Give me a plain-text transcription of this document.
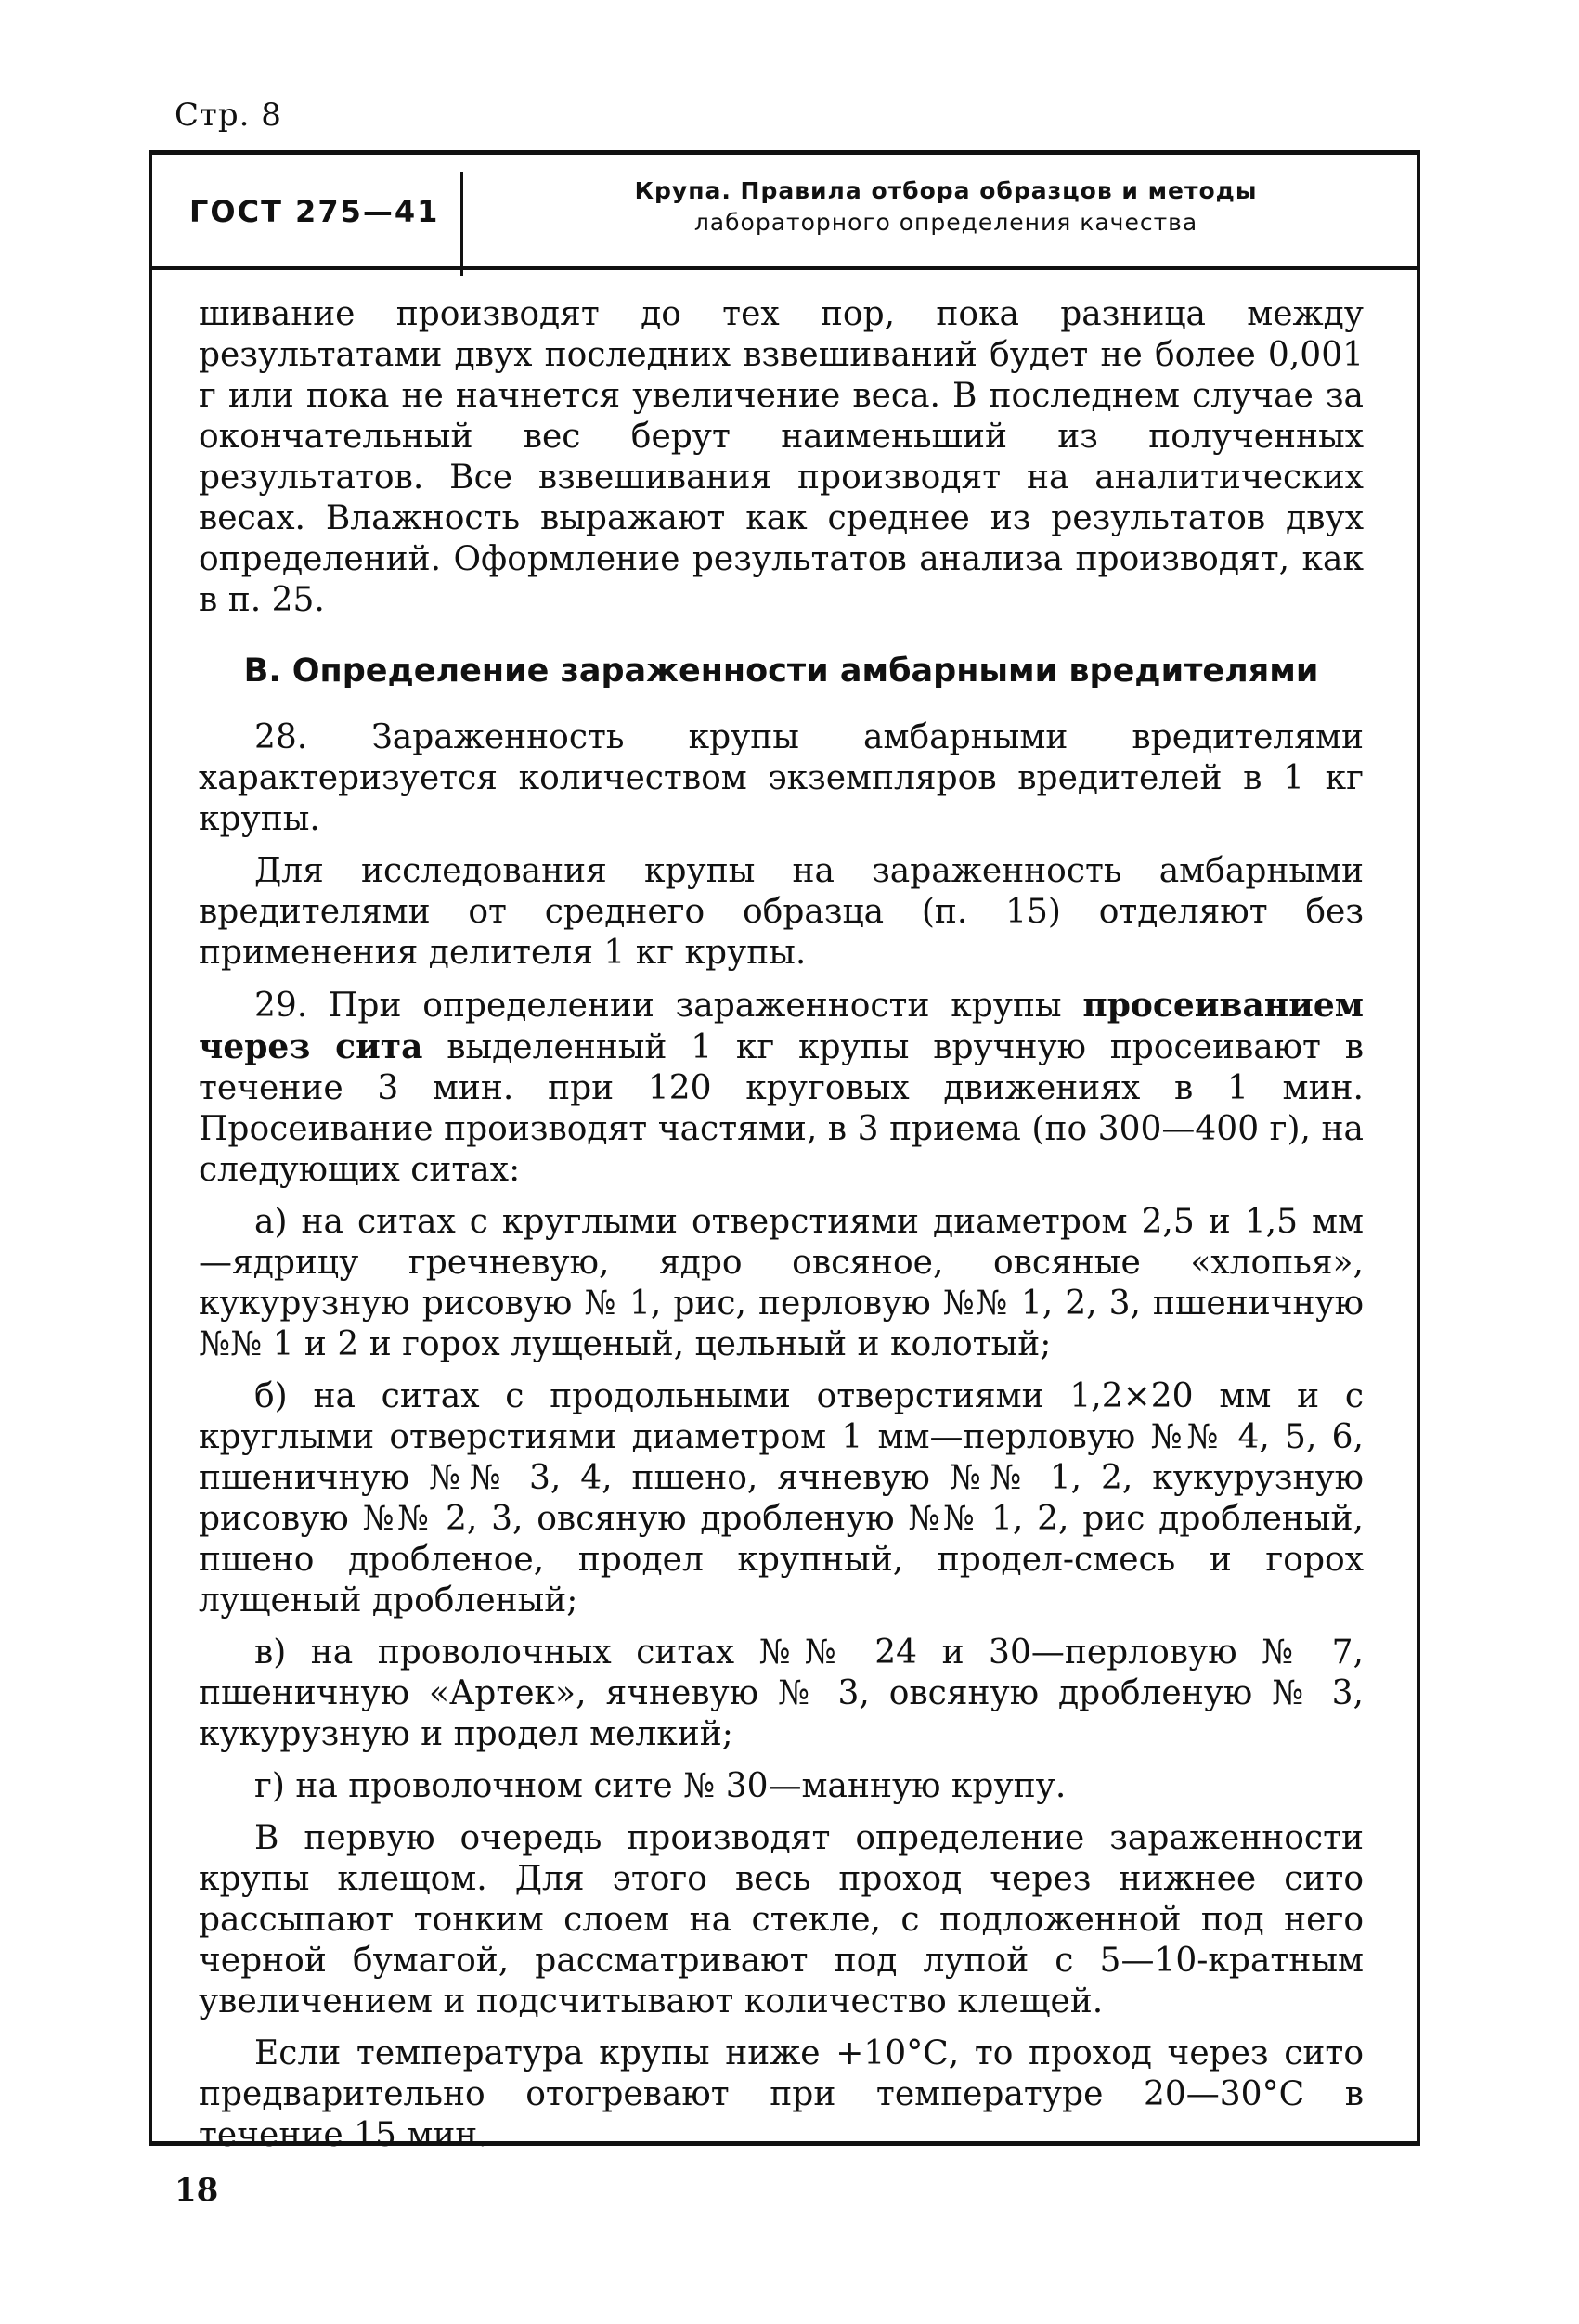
Стр. 8
ГОСТ 275—41
Крупа. Правила отбора образцов и методы
лабораторного определения качества

шивание производят до тех пор, пока разница между результатами двух последних взвешиваний будет не более 0,001 г или пока не начнется увеличение веса. В последнем случае за окончательный вес берут наименьший из полученных результатов. Все взвешивания производят на аналитических весах. Влажность выражают как среднее из результатов двух определений. Оформление результатов анализа производят, как в п. 25.

В. Определение зараженности амбарными вредителями

28. Зараженность крупы амбарными вредителями характеризуется количеством экземпляров вредителей в 1 кг крупы.

Для исследования крупы на зараженность амбарными вредителями от среднего образца (п. 15) отделяют без применения делителя 1 кг крупы.

29. При определении зараженности крупы просеиванием через сита выделенный 1 кг крупы вручную просеивают в течение 3 мин. при 120 круговых движениях в 1 мин. Просеивание производят частями, в 3 приема (по 300—400 г), на следующих ситах:

а) на ситах с круглыми отверстиями диаметром 2,5 и 1,5 мм—ядрицу гречневую, ядро овсяное, овсяные «хлопья», кукурузную рисовую № 1, рис, перловую №№ 1, 2, 3, пшеничную №№ 1 и 2 и горох лущеный, цельный и колотый;

б) на ситах с продольными отверстиями 1,2×20 мм и с круглыми отверстиями диаметром 1 мм—перловую №№ 4, 5, 6, пшеничную №№ 3, 4, пшено, ячневую №№ 1, 2, кукурузную рисовую №№ 2, 3, овсяную дробленую №№ 1, 2, рис дробленый, пшено дробленое, продел крупный, продел-смесь и горох лущеный дробленый;

в) на проволочных ситах №№ 24 и 30—перловую № 7, пшеничную «Артек», ячневую № 3, овсяную дробленую № 3, кукурузную и продел мелкий;

г) на проволочном сите № 30—манную крупу.

В первую очередь производят определение зараженности крупы клещом. Для этого весь проход через нижнее сито рассыпают тонким слоем на стекле, с подложенной под него черной бумагой, рассматривают под лупой с 5—10-кратным увеличением и подсчитывают количество клещей.

Если температура крупы ниже +10°С, то проход через сито предварительно отогревают при температуре 20—30°С в течение 15 мин.

18
